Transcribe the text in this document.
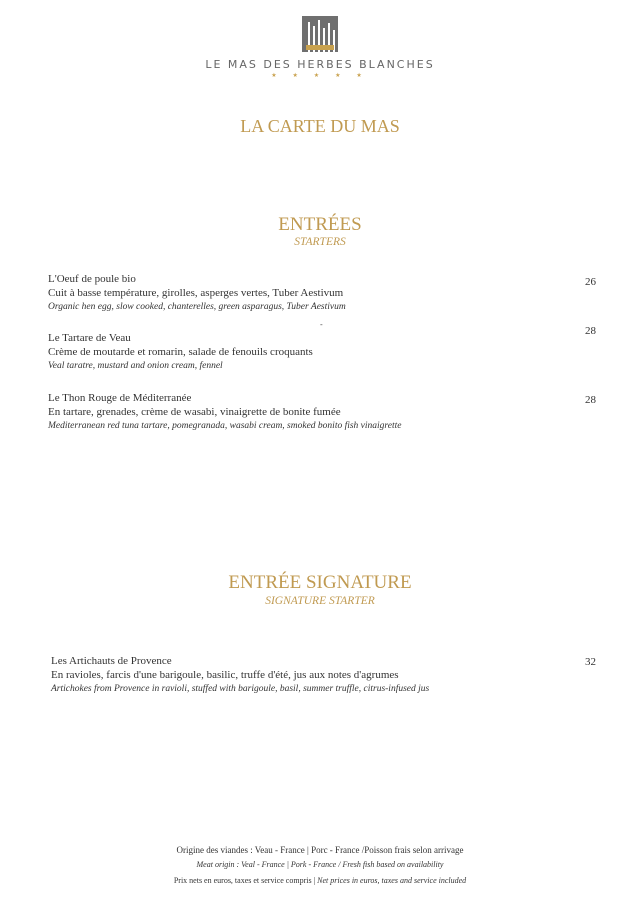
LE MAS DES HERBES BLANCHES
★ ★ ★ ★ ★
LA CARTE DU MAS
ENTRÉES
STARTERS
L'Oeuf de poule bio
Cuit à basse température, girolles, asperges vertes, Tuber Aestivum
Organic hen egg, slow cooked, chanterelles, green asparagus, Tuber Aestivum
26
-
Le Tartare de Veau
Crème de moutarde et romarin, salade de fenouils croquants
Veal taratre, mustard and onion cream, fennel
28
Le Thon Rouge de Méditerranée
En tartare, grenades, crème de wasabi, vinaigrette de bonite fumée
Mediterranean red tuna tartare, pomegranada, wasabi cream, smoked bonito fish vinaigrette
28
ENTRÉE SIGNATURE
SIGNATURE STARTER
Les Artichauts de Provence
En ravioles, farcis d'une barigoule, basilic, truffe d'été, jus aux notes d'agrumes
Artichokes from Provence in ravioli, stuffed with barigoule, basil, summer truffle, citrus-infused jus
32
Origine des viandes : Veau - France | Porc - France /Poisson frais selon arrivage
Meat origin : Veal - France | Pork - France / Fresh fish based on availability
Prix nets en euros, taxes et service compris | Net prices in euros, taxes and service included
